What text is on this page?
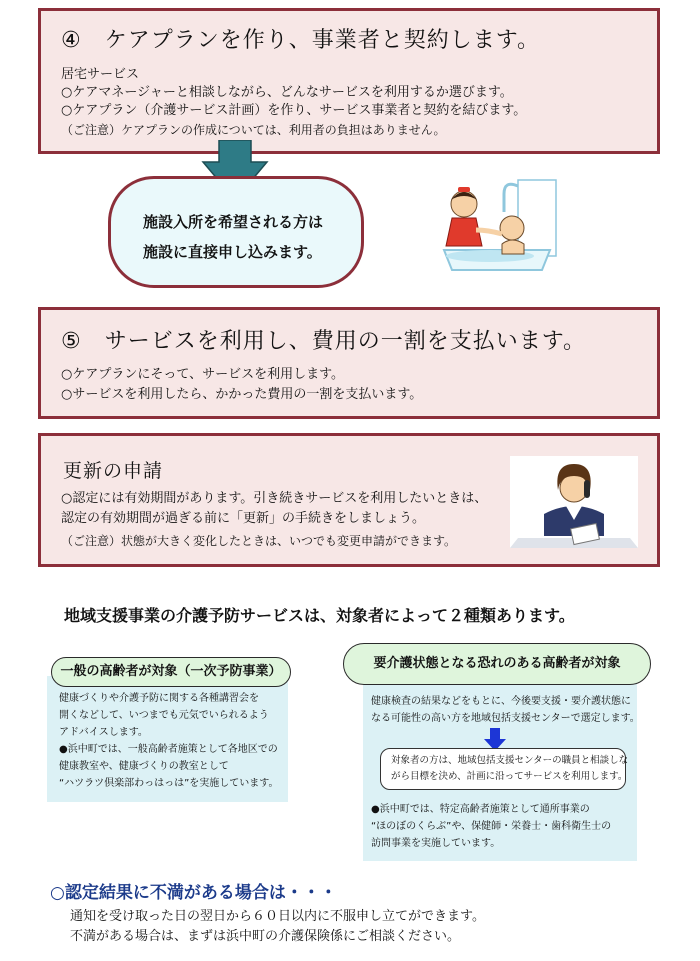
④　ケアプランを作り、事業者と契約します。
居宅サービス
○ケアマネージャーと相談しながら、どんなサービスを利用するか選びます。
○ケアプラン（介護サービス計画）を作り、サービス事業者と契約を結びます。
（ご注意）ケアプランの作成については、利用者の負担はありません。
施設入所を希望される方は
施設に直接申し込みます。
⑤　サービスを利用し、費用の一割を支払います。
○ケアプランにそって、サービスを利用します。
○サービスを利用したら、かかった費用の一割を支払います。
更新の申請
○認定には有効期間があります。引き続きサービスを利用したいときは、
認定の有効期間が過ぎる前に「更新」の手続きをしましょう。
（ご注意）状態が大きく変化したときは、いつでも変更申請ができます。
地域支援事業の介護予防サービスは、対象者によって２種類あります。
健康づくりや介護予防に関する各種講習会を
開くなどして、いつまでも元気でいられるよう
アドバイスします。
●浜中町では、一般高齢者施策として各地区での
健康教室や、健康づくりの教室として
“ハツラツ倶楽部わっはっは”を実施しています。
一般の高齢者が対象（一次予防事業）
健康検査の結果などをもとに、今後要支援・要介護状態に
なる可能性の高い方を地域包括支援センターで選定します。
●浜中町では、特定高齢者施策として通所事業の
“ほのぼのくらぶ”や、保健師・栄養士・歯科衛生士の
訪問事業を実施しています。
要介護状態となる恐れのある高齢者が対象
対象者の方は、地域包括支援センターの職員と相談しな
がら目標を決め、計画に沿ってサービスを利用します。
○認定結果に不満がある場合は・・・
通知を受け取った日の翌日から６０日以内に不服申し立てができます。
不満がある場合は、まずは浜中町の介護保険係にご相談ください。
